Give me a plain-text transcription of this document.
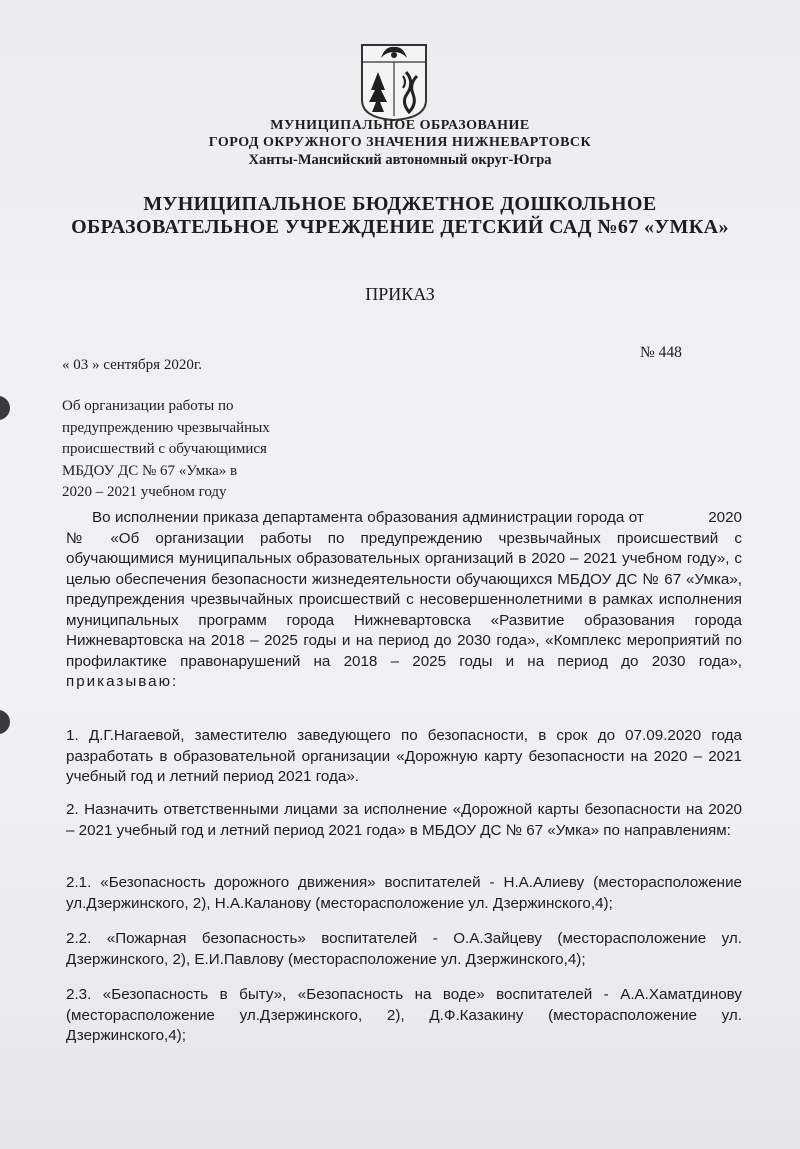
МУНИЦИПАЛЬНОЕ ОБРАЗОВАНИЕ
ГОРОД ОКРУЖНОГО ЗНАЧЕНИЯ НИЖНЕВАРТОВСК
Ханты-Мансийский автономный округ-Югра
МУНИЦИПАЛЬНОЕ БЮДЖЕТНОЕ ДОШКОЛЬНОЕ
ОБРАЗОВАТЕЛЬНОЕ УЧРЕЖДЕНИЕ ДЕТСКИЙ САД №67 «УМКА»
ПРИКАЗ
« 03 » сентября 2020г.
№ 448
Об организации работы по
предупреждению чрезвычайных
происшествий с обучающимися
МБДОУ ДС № 67 «Умка» в
2020 – 2021 учебном году
Во исполнении приказа департамента образования администрации города от	2020 № «Об организации работы по предупреждению чрезвычайных происшествий с обучающимися муниципальных образовательных организаций в 2020 – 2021 учебном году», с целью обеспечения безопасности жизнедеятельности обучающихся МБДОУ ДС № 67 «Умка», предупреждения чрезвычайных происшествий с несовершеннолетними в рамках исполнения муниципальных программ города Нижневартовска «Развитие образования города Нижневартовска на 2018 – 2025 годы и на период до 2030 года», «Комплекс мероприятий по профилактике правонарушений на 2018 – 2025 годы и на период до 2030 года», приказываю:
1. Д.Г.Нагаевой, заместителю заведующего по безопасности, в срок до 07.09.2020 года разработать в образовательной организации «Дорожную карту безопасности на 2020 – 2021 учебный год и летний период 2021 года».
2. Назначить ответственными лицами за исполнение «Дорожной карты безопасности на 2020 – 2021 учебный год и летний период 2021 года» в МБДОУ ДС № 67 «Умка» по направлениям:
2.1. «Безопасность дорожного движения» воспитателей - Н.А.Алиеву (месторасположение ул.Дзержинского, 2), Н.А.Каланову (месторасположение ул. Дзержинского,4);
2.2. «Пожарная безопасность» воспитателей - О.А.Зайцеву (месторасположение ул. Дзержинского, 2), Е.И.Павлову (месторасположение ул. Дзержинского,4);
2.3. «Безопасность в быту», «Безопасность на воде» воспитателей - А.А.Хаматдинову (месторасположение ул.Дзержинского, 2), Д.Ф.Казакину (месторасположение ул. Дзержинского,4);
